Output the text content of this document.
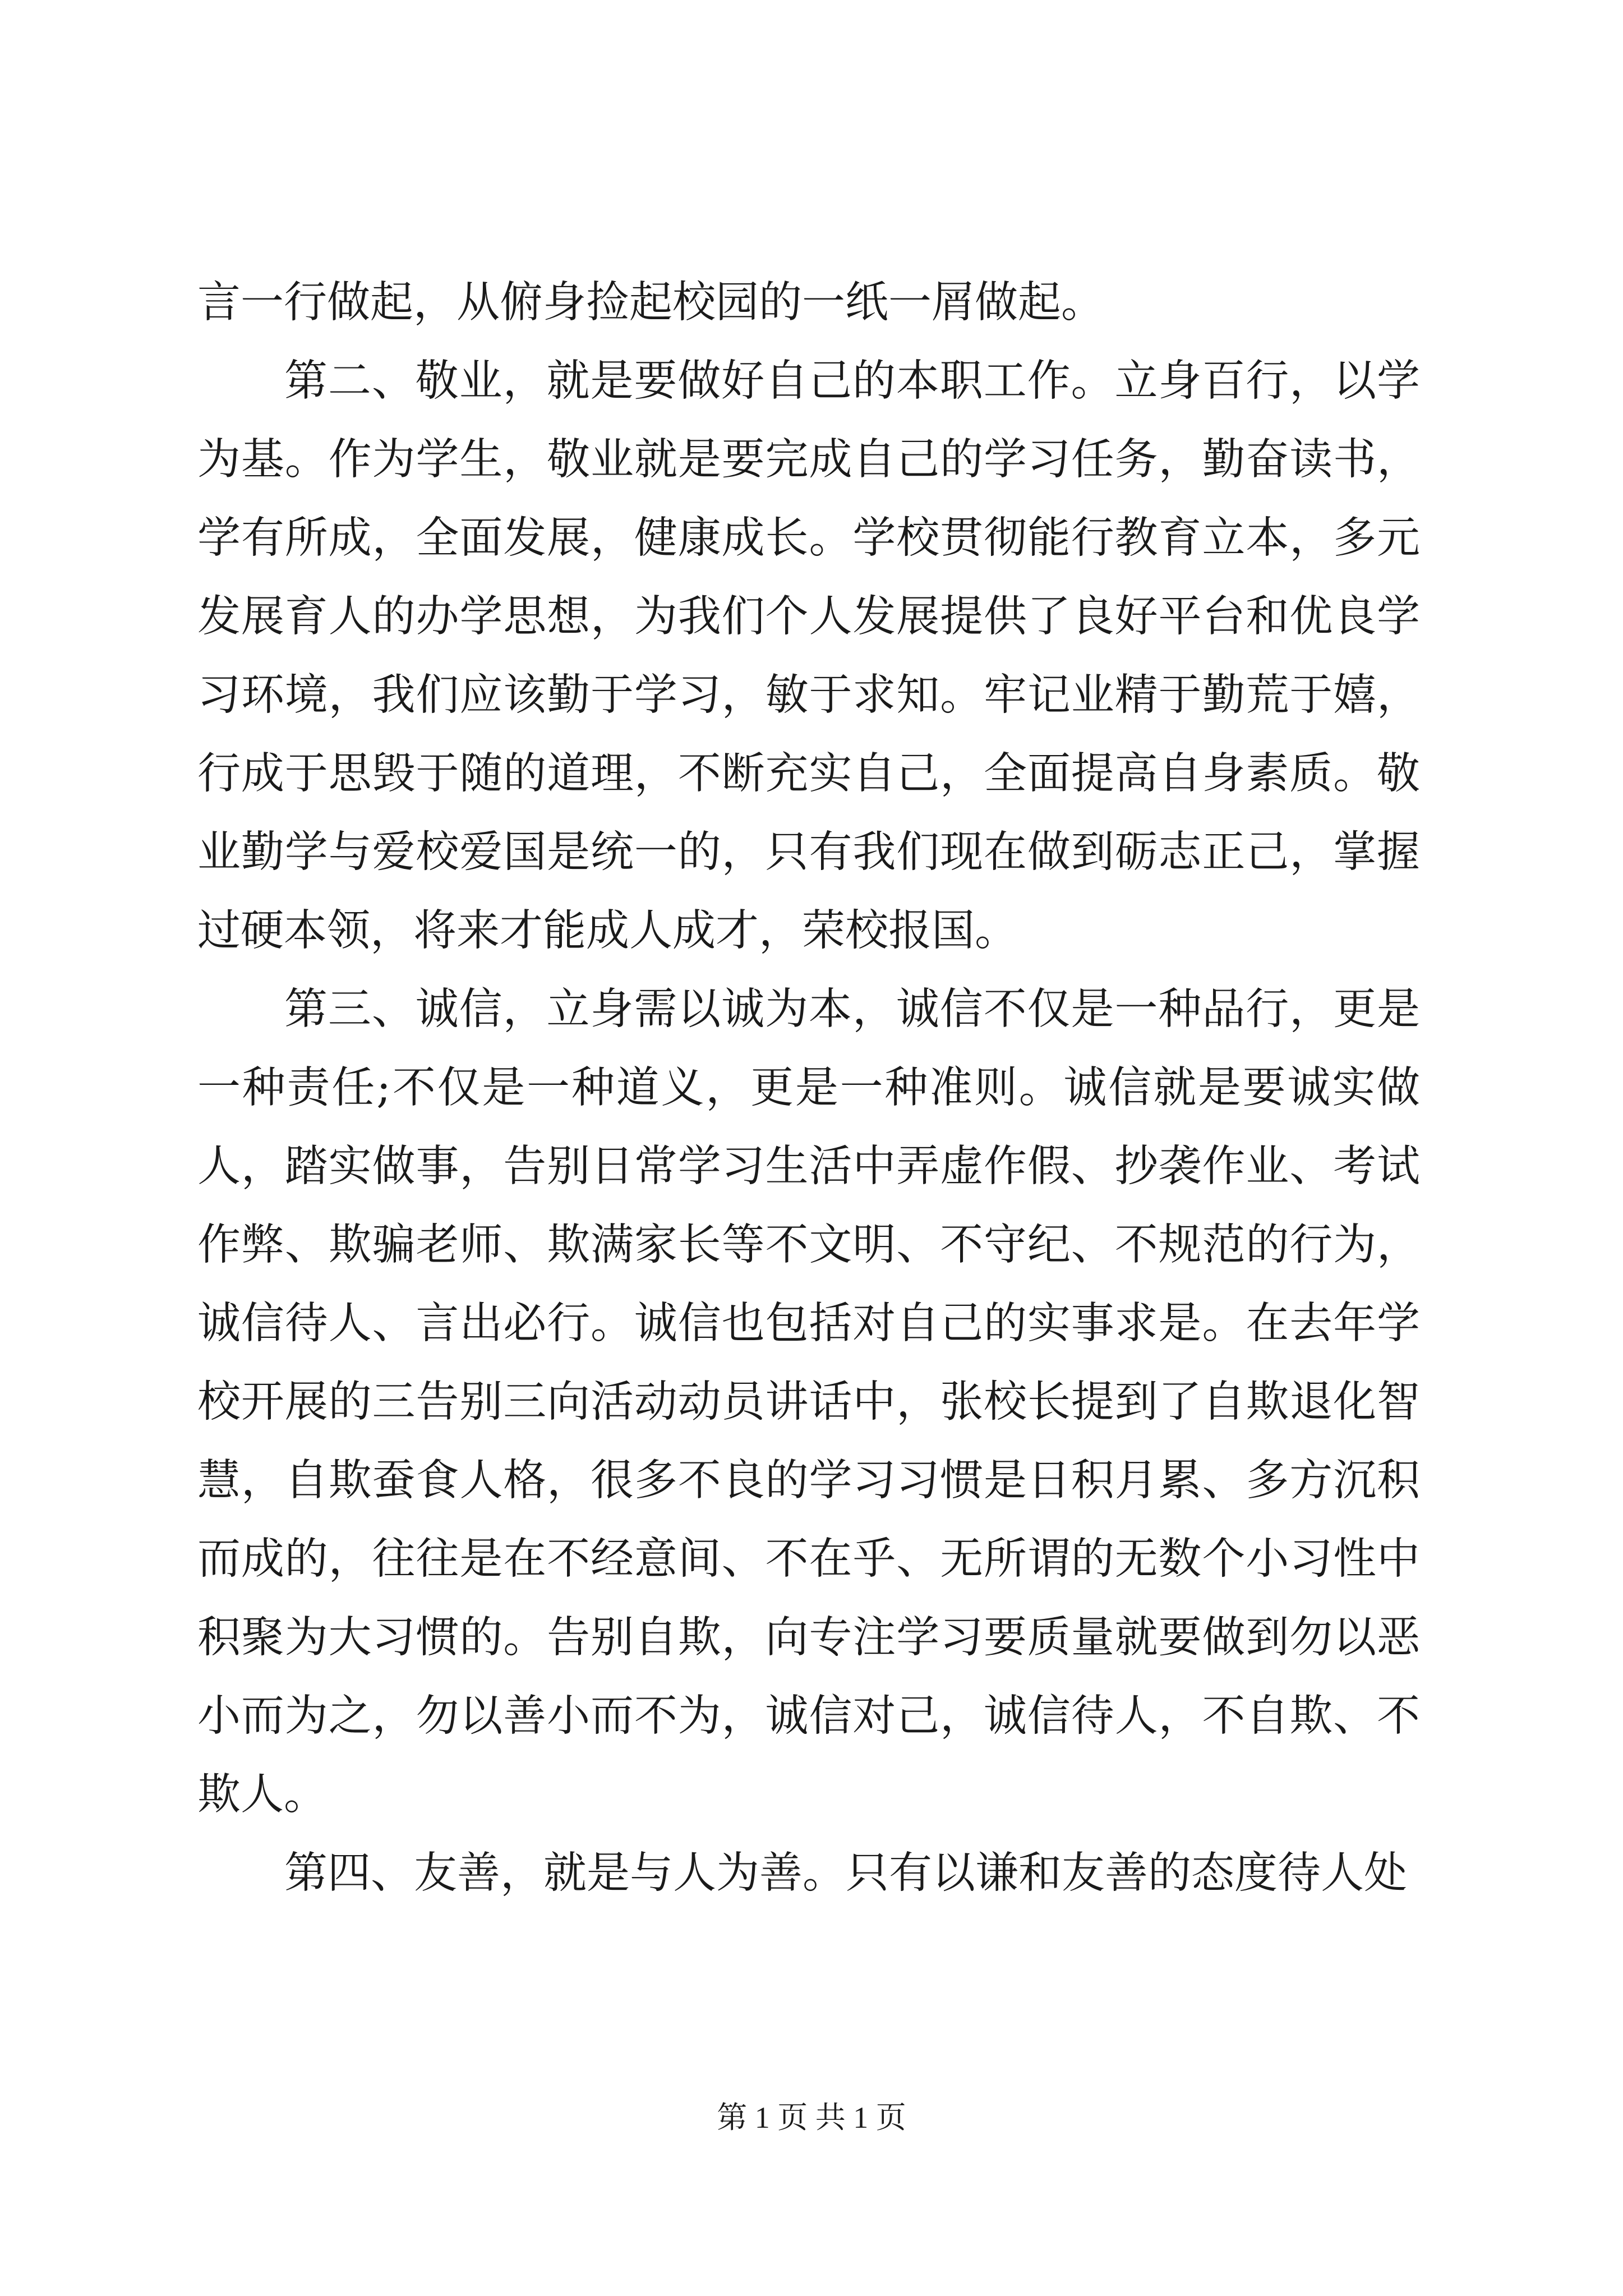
言一行做起，从俯身捡起校园的一纸一屑做起。

第二、敬业，就是要做好自己的本职工作。立身百行，以学为基。作为学生，敬业就是要完成自己的学习任务，勤奋读书，学有所成，全面发展，健康成长。学校贯彻能行教育立本，多元发展育人的办学思想，为我们个人发展提供了良好平台和优良学习环境，我们应该勤于学习，敏于求知。牢记业精于勤荒于嬉，行成于思毁于随的道理，不断充实自己，全面提高自身素质。敬业勤学与爱校爱国是统一的，只有我们现在做到砺志正己，掌握过硬本领，将来才能成人成才，荣校报国。

第三、诚信，立身需以诚为本，诚信不仅是一种品行，更是一种责任;不仅是一种道义，更是一种准则。诚信就是要诚实做人，踏实做事，告别日常学习生活中弄虚作假、抄袭作业、考试作弊、欺骗老师、欺满家长等不文明、不守纪、不规范的行为，诚信待人、言出必行。诚信也包括对自己的实事求是。在去年学校开展的三告别三向活动动员讲话中，张校长提到了自欺退化智慧，自欺蚕食人格，很多不良的学习习惯是日积月累、多方沉积而成的，往往是在不经意间、不在乎、无所谓的无数个小习性中积聚为大习惯的。告别自欺，向专注学习要质量就要做到勿以恶小而为之，勿以善小而不为，诚信对己，诚信待人，不自欺、不欺人。

第四、友善，就是与人为善。只有以谦和友善的态度待人处

第 1 页 共 1 页
